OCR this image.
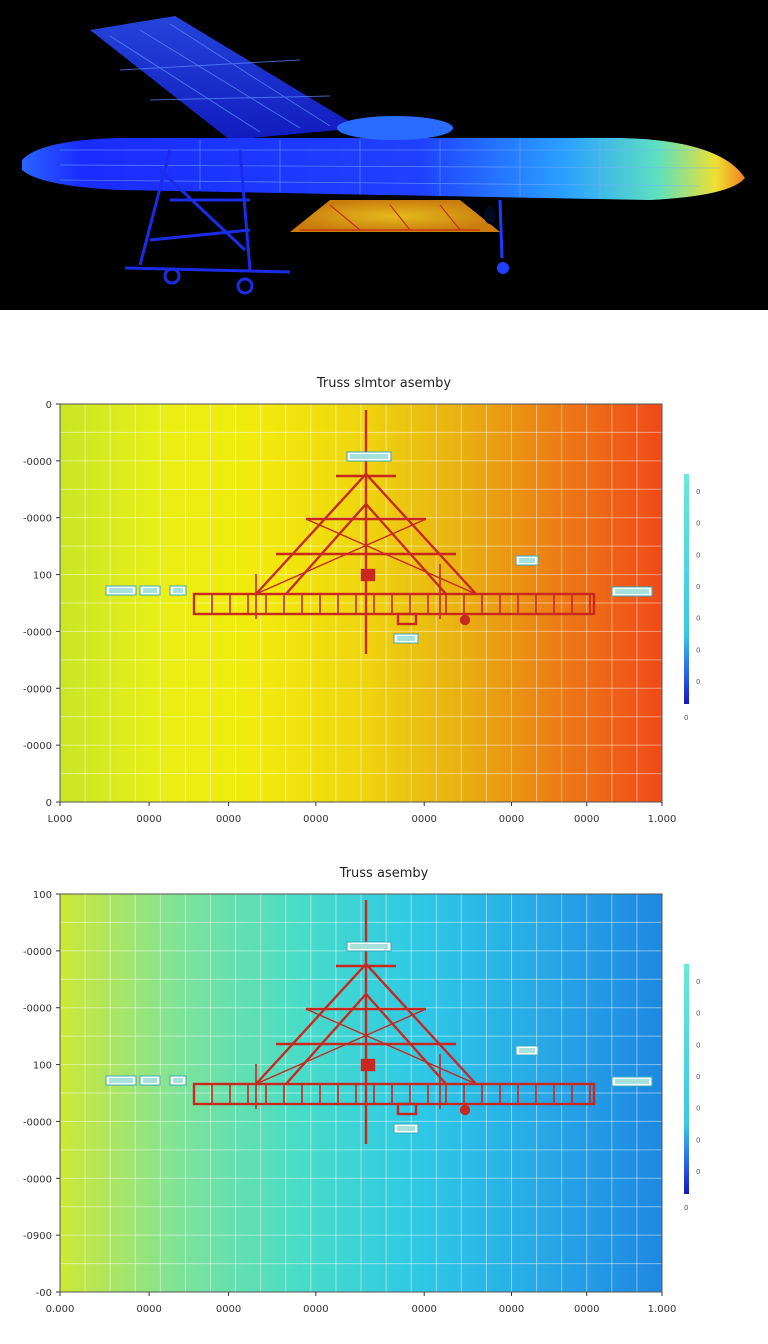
Truss slmtor asemby
0
-0000
-0000
100
-0000
-0000
-0000
0
L000	0000	0000	0000	0000	0000	0000	1.000
0
0
0
0
0
0
0
0
Truss asemby
100
-0000
-0000
100
-0000
-0000
-0900
-00
0.000	0000	0000	0000	0000	0000	0000	1.000
0
0
0
0
0
0
0
0
